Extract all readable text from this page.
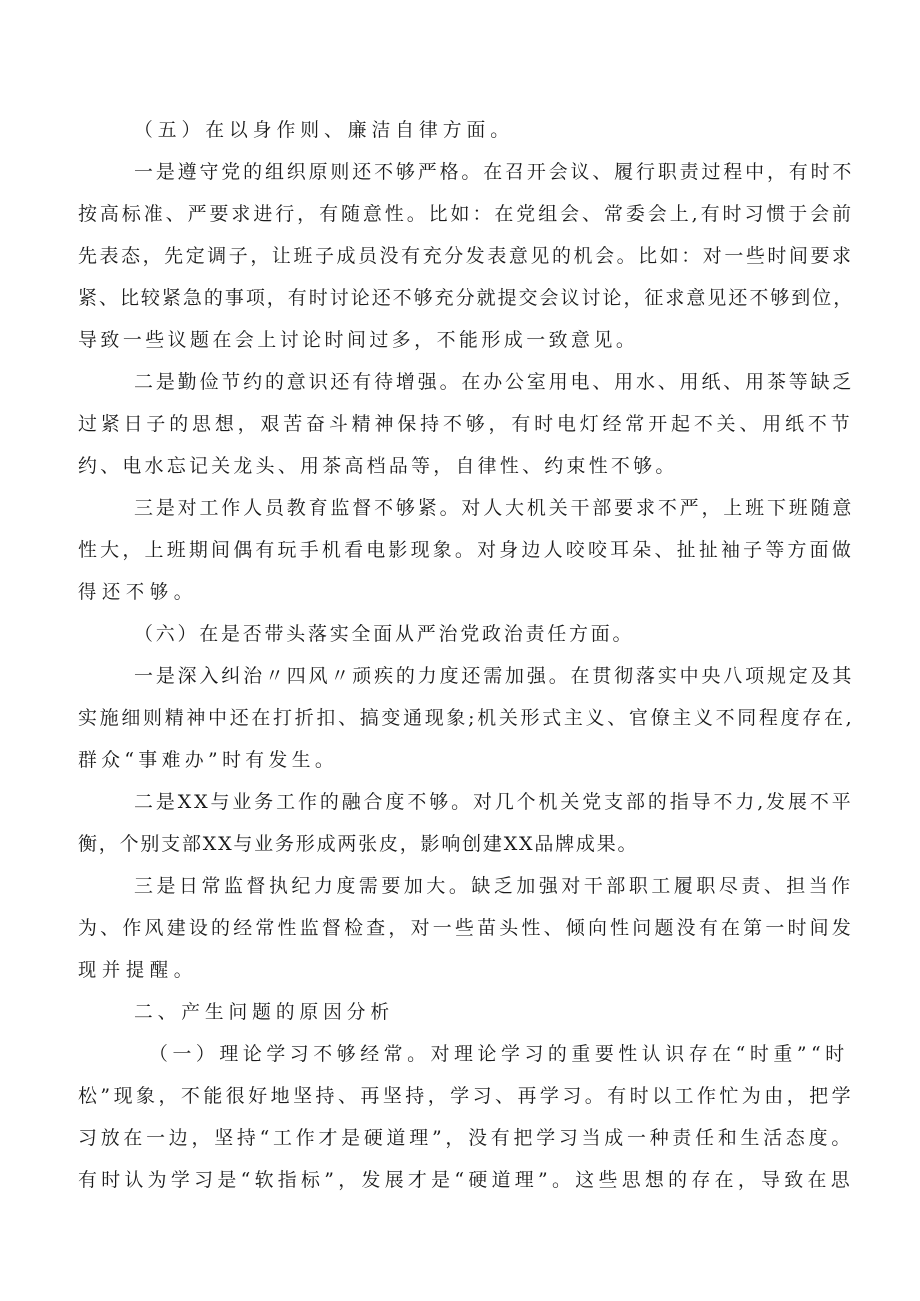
（五）在以身作则、廉洁自律方面。
一是遵守党的组织原则还不够严格。在召开会议、履行职责过程中，有时不
按高标准、严要求进行，有随意性。比如：在党组会、常委会上,有时习惯于会前
先表态，先定调子，让班子成员没有充分发表意见的机会。比如：对一些时间要求
紧、比较紧急的事项，有时讨论还不够充分就提交会议讨论，征求意见还不够到位，
导致一些议题在会上讨论时间过多，不能形成一致意见。
二是勤俭节约的意识还有待增强。在办公室用电、用水、用纸、用茶等缺乏
过紧日子的思想，艰苦奋斗精神保持不够，有时电灯经常开起不关、用纸不节
约、电水忘记关龙头、用茶高档品等，自律性、约束性不够。
三是对工作人员教育监督不够紧。对人大机关干部要求不严，上班下班随意
性大，上班期间偶有玩手机看电影现象。对身边人咬咬耳朵、扯扯袖子等方面做
得还不够。
（六）在是否带头落实全面从严治党政治责任方面。
一是深入纠治〃四风〃顽疾的力度还需加强。在贯彻落实中央八项规定及其
实施细则精神中还在打折扣、搞变通现象;机关形式主义、官僚主义不同程度存在,
群众“事难办”时有发生。
二是XX与业务工作的融合度不够。对几个机关党支部的指导不力,发展不平
衡，个别支部XX与业务形成两张皮，影响创建XX品牌成果。
三是日常监督执纪力度需要加大。缺乏加强对干部职工履职尽责、担当作
为、作风建设的经常性监督检查，对一些苗头性、倾向性问题没有在第一时间发
现并提醒。
二、产生问题的原因分析
（一）理论学习不够经常。对理论学习的重要性认识存在“时重”“时
松”现象，不能很好地坚持、再坚持，学习、再学习。有时以工作忙为由，把学
习放在一边，坚持“工作才是硬道理”，没有把学习当成一种责任和生活态度。
有时认为学习是“软指标”，发展才是“硬道理”。这些思想的存在，导致在思
